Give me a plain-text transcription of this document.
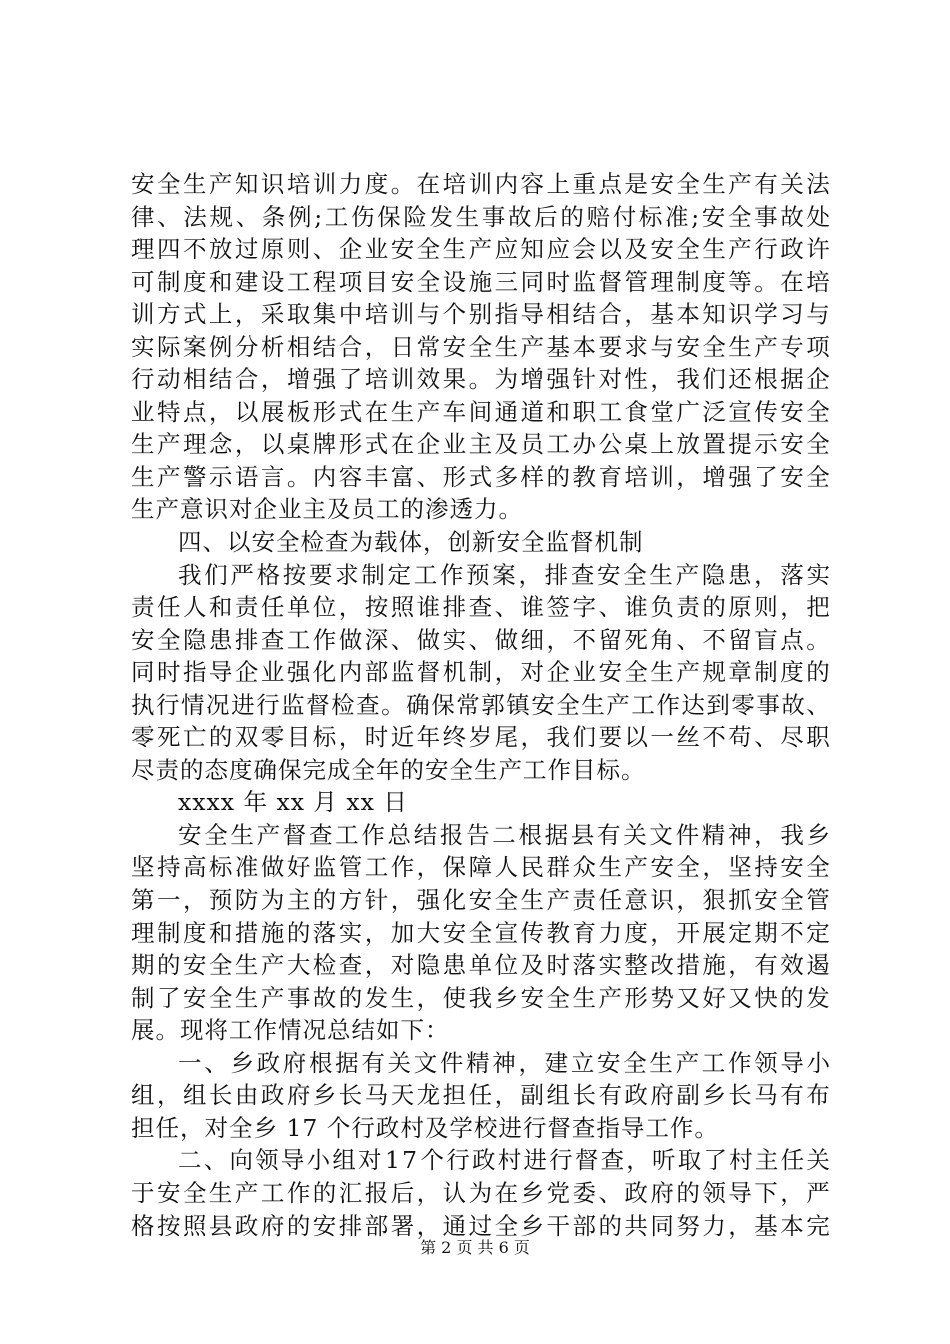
安 全 生 产 知 识 培 训 力 度 。 在 培 训 内 容 上 重 点 是 安 全 生 产 有 关 法
律 、 法 规 、 条 例 ; 工 伤 保 险 发 生 事 故 后 的 赔 付 标 准 ; 安 全 事 故 处
理 四 不 放 过 原 则 、 企 业 安 全 生 产 应 知 应 会 以 及 安 全 生 产 行 政 许
可 制 度 和 建 设 工 程 项 目 安 全 设 施 三 同 时 监 督 管 理 制 度 等 。 在 培
训 方 式 上 ， 采 取 集 中 培 训 与 个 别 指 导 相 结 合 ， 基 本 知 识 学 习 与
实 际 案 例 分 析 相 结 合 ， 日 常 安 全 生 产 基 本 要 求 与 安 全 生 产 专 项
行 动 相 结 合 ， 增 强 了 培 训 效 果 。 为 增 强 针 对 性 ， 我 们 还 根 据 企
业 特 点 ， 以 展 板 形 式 在 生 产 车 间 通 道 和 职 工 食 堂 广 泛 宣 传 安 全
生 产 理 念 ， 以 桌 牌 形 式 在 企 业 主 及 员 工 办 公 桌 上 放 置 提 示 安 全
生 产 警 示 语 言 。 内 容 丰 富 、 形 式 多 样 的 教 育 培 训 ， 增 强 了 安 全
生产意识对企业主及员工的渗透力。
四、以安全检查为载体，创新安全监督机制
我 们 严 格 按 要 求 制 定 工 作 预 案 ， 排 查 安 全 生 产 隐 患 ， 落 实
责 任 人 和 责 任 单 位 ， 按 照 谁 排 查 、 谁 签 字 、 谁 负 责 的 原 则 ， 把
安 全 隐 患 排 查 工 作 做 深 、 做 实 、 做 细 ， 不 留 死 角 、 不 留 盲 点 。
同 时 指 导 企 业 强 化 内 部 监 督 机 制 ， 对 企 业 安 全 生 产 规 章 制 度 的
执 行 情 况 进 行 监 督 检 查 。 确 保 常 郭 镇 安 全 生 产 工 作 达 到 零 事 故 、
零 死 亡 的 双 零 目 标 ， 时 近 年 终 岁 尾 ， 我 们 要 以 一 丝 不 苟 、 尽 职
尽责的态度确保完成全年的安全生产工作目标。
xxxx 年 xx 月 xx 日
安 全 生 产 督 查 工 作 总 结 报 告 二 根 据 县 有 关 文 件 精 神 ， 我 乡
坚 持 高 标 准 做 好 监 管 工 作 ， 保 障 人 民 群 众 生 产 安 全 ， 坚 持 安 全
第 一 ， 预 防 为 主 的 方 针 ， 强 化 安 全 生 产 责 任 意 识 ， 狠 抓 安 全 管
理 制 度 和 措 施 的 落 实 ， 加 大 安 全 宣 传 教 育 力 度 ， 开 展 定 期 不 定
期 的 安 全 生 产 大 检 查 ， 对 隐 患 单 位 及 时 落 实 整 改 措 施 ， 有 效 遏
制 了 安 全 生 产 事 故 的 发 生 ， 使 我 乡 安 全 生 产 形 势 又 好 又 快 的 发
展。现将工作情况总结如下：
一 、 乡 政 府 根 据 有 关 文 件 精 神 ， 建 立 安 全 生 产 工 作 领 导 小
组 ， 组 长 由 政 府 乡 长 马 天 龙 担 任 ， 副 组 长 有 政 府 副 乡 长 马 有 布
担任，对全乡 17 个行政村及学校进行督查指导工作。
二 、 向 领 导 小 组 对 1 7 个 行 政 村 进 行 督 查 ， 听 取 了 村 主 任 关
于 安 全 生 产 工 作 的 汇 报 后 ， 认 为 在 乡 党 委 、 政 府 的 领 导 下 ， 严
格 按 照 县 政 府 的 安 排 部 署 ， 通 过 全 乡 干 部 的 共 同 努 力 ， 基 本 完
第 2 页 共 6 页
